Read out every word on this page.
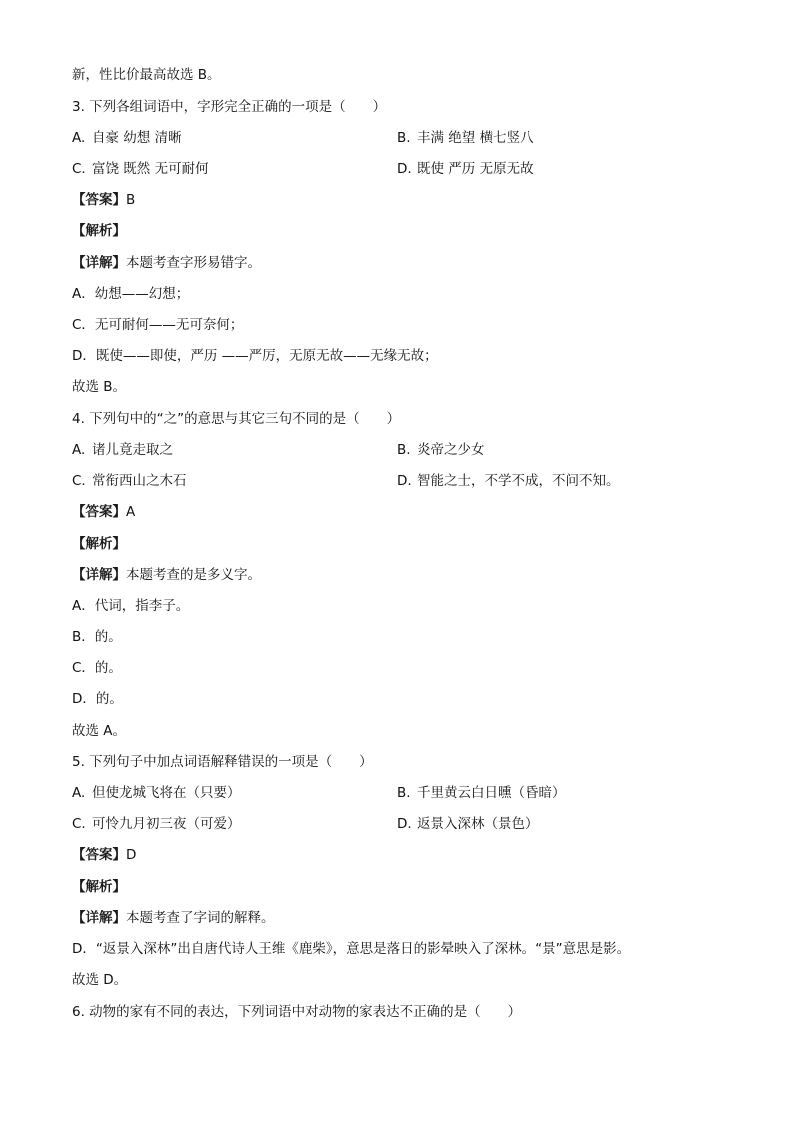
新，性比价最高故选 B。
3. 下列各组词语中，字形完全正确的一项是（　　）
A. 自豪 幼想 清晰	B. 丰满 绝望 横七竖八
C. 富饶 既然 无可耐何	D. 既使 严历 无原无故
【答案】B
【解析】
【详解】本题考查字形易错字。
A．幼想——幻想；
C．无可耐何——无可奈何；
D．既使——即使，严历 ——严厉，无原无故——无缘无故；
故选 B。
4. 下列句中的“之”的意思与其它三句不同的是（　　）
A. 诸儿竟走取之	B. 炎帝之少女
C. 常衔西山之木石	D. 智能之士，不学不成，不问不知。
【答案】A
【解析】
【详解】本题考查的是多义字。
A．代词，指李子。
B．的。
C．的。
D．的。
故选 A。
5. 下列句子中加点词语解释错误的一项是（　　）
A. 但使龙城飞将在（只要）	B. 千里黄云白日曛（昏暗）
C. 可怜九月初三夜（可爱）	D. 返景入深林（景色）
【答案】D
【解析】
【详解】本题考查了字词的解释。
D．“返景入深林”出自唐代诗人王维《鹿柴》，意思是落日的影晕映入了深林。“景”意思是影。
故选 D。
6. 动物的家有不同的表达，下列词语中对动物的家表达不正确的是（　　）
